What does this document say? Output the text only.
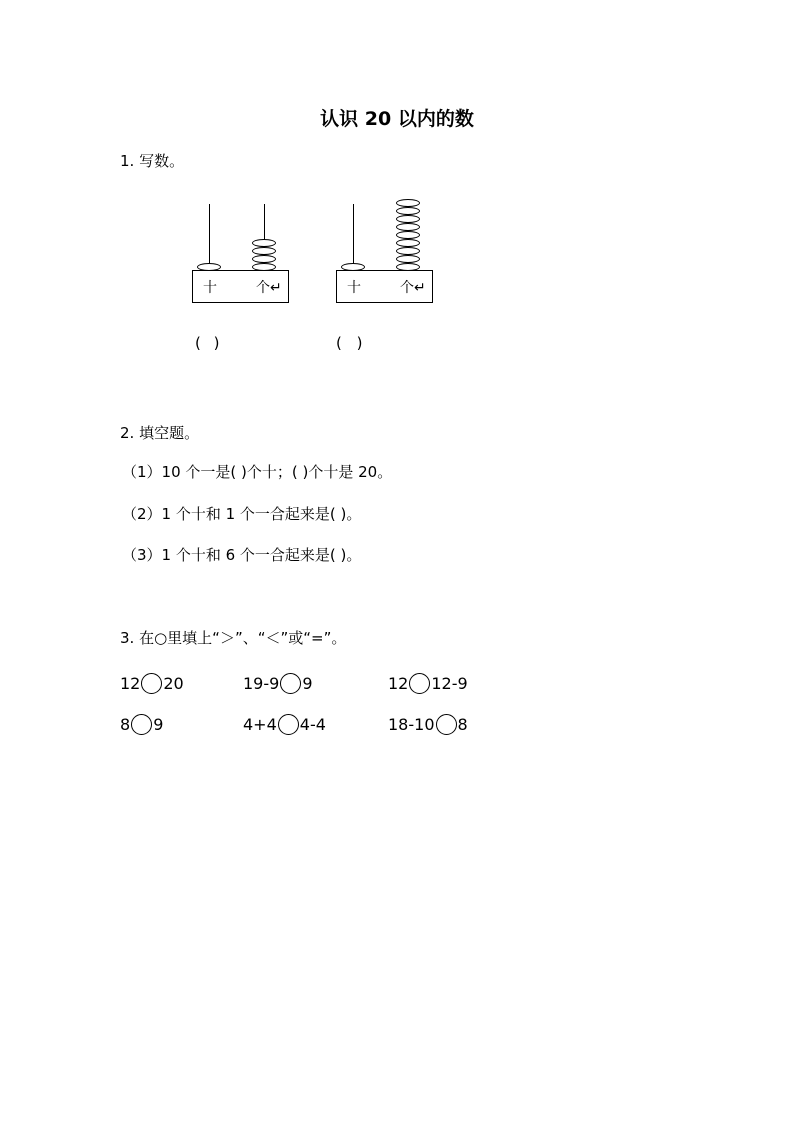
认识 20 以内的数
1. 写数。
十	个↵	十	个↵
( )	( )
2. 填空题。
（1）10 个一是( )个十；( )个十是 20。
（2）1 个十和 1 个一合起来是( )。
（3）1 个十和 6 个一合起来是( )。
3. 在○里填上“＞”、“＜”或“=”。
12 20	19-9 9	12 12-9
8 9	4+4 4-4	18-10 8
